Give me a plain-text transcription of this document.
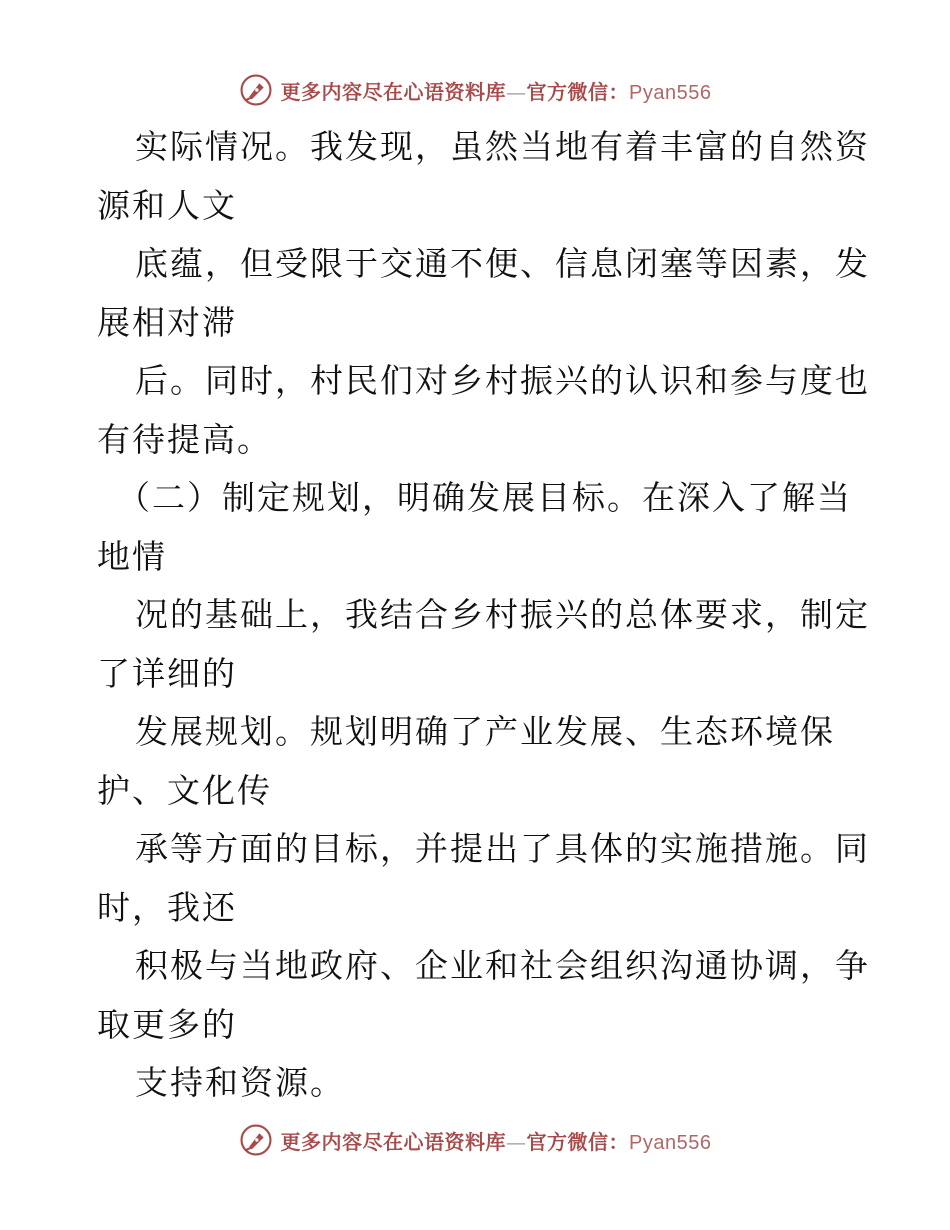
更多内容尽在心语资料库—官方微信：Pyan556
实际情况。我发现，虽然当地有着丰富的自然资
源和人文
底蕴，但受限于交通不便、信息闭塞等因素，发
展相对滞
后。同时，村民们对乡村振兴的认识和参与度也
有待提高。
（二）制定规划，明确发展目标。在深入了解当
地情
况的基础上，我结合乡村振兴的总体要求，制定
了详细的
发展规划。规划明确了产业发展、生态环境保
护、文化传
承等方面的目标，并提出了具体的实施措施。同
时，我还
积极与当地政府、企业和社会组织沟通协调，争
取更多的
支持和资源。
更多内容尽在心语资料库—官方微信：Pyan556
